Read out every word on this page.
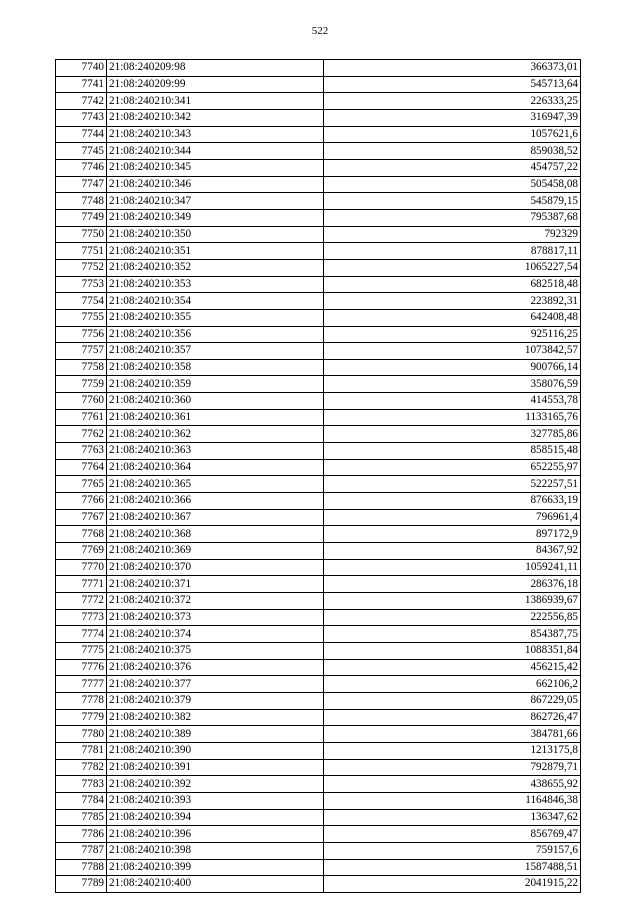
522
7740	21:08:240209:98	366373,01
7741	21:08:240209:99	545713,64
7742	21:08:240210:341	226333,25
7743	21:08:240210:342	316947,39
7744	21:08:240210:343	1057621,6
7745	21:08:240210:344	859038,52
7746	21:08:240210:345	454757,22
7747	21:08:240210:346	505458,08
7748	21:08:240210:347	545879,15
7749	21:08:240210:349	795387,68
7750	21:08:240210:350	792329
7751	21:08:240210:351	878817,11
7752	21:08:240210:352	1065227,54
7753	21:08:240210:353	682518,48
7754	21:08:240210:354	223892,31
7755	21:08:240210:355	642408,48
7756	21:08:240210:356	925116,25
7757	21:08:240210:357	1073842,57
7758	21:08:240210:358	900766,14
7759	21:08:240210:359	358076,59
7760	21:08:240210:360	414553,78
7761	21:08:240210:361	1133165,76
7762	21:08:240210:362	327785,86
7763	21:08:240210:363	858515,48
7764	21:08:240210:364	652255,97
7765	21:08:240210:365	522257,51
7766	21:08:240210:366	876633,19
7767	21:08:240210:367	796961,4
7768	21:08:240210:368	897172,9
7769	21:08:240210:369	84367,92
7770	21:08:240210:370	1059241,11
7771	21:08:240210:371	286376,18
7772	21:08:240210:372	1386939,67
7773	21:08:240210:373	222556,85
7774	21:08:240210:374	854387,75
7775	21:08:240210:375	1088351,84
7776	21:08:240210:376	456215,42
7777	21:08:240210:377	662106,2
7778	21:08:240210:379	867229,05
7779	21:08:240210:382	862726,47
7780	21:08:240210:389	384781,66
7781	21:08:240210:390	1213175,8
7782	21:08:240210:391	792879,71
7783	21:08:240210:392	438655,92
7784	21:08:240210:393	1164846,38
7785	21:08:240210:394	136347,62
7786	21:08:240210:396	856769,47
7787	21:08:240210:398	759157,6
7788	21:08:240210:399	1587488,51
7789	21:08:240210:400	2041915,22
